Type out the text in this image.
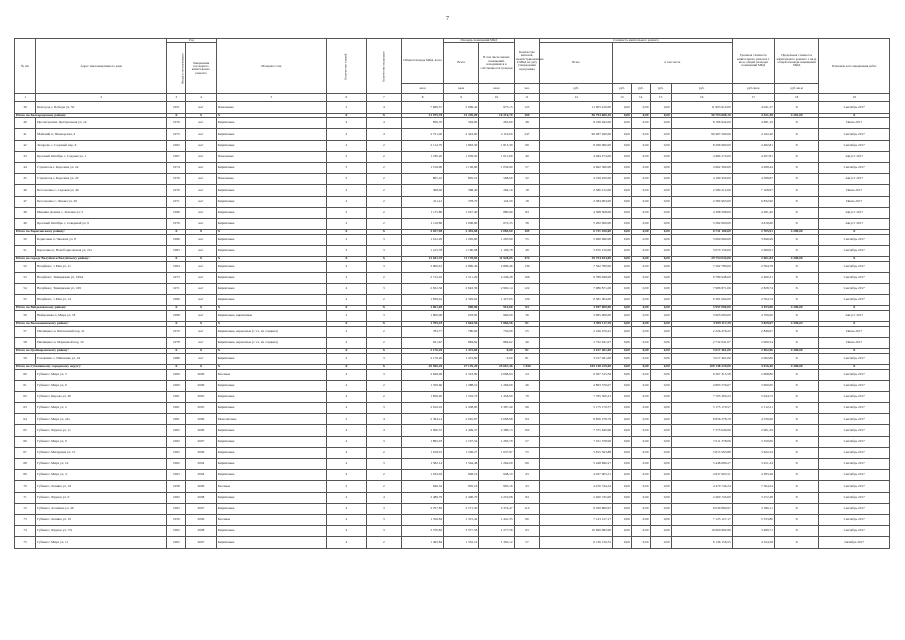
7
№ п/п	Адрес многоквартирного дома	Год		Материал стен	Количество этажей	Количество подъездов	Общая площадь МКД, всего	Площадь помещений МКД		Количество жителей, зарегистрированных в МКД на дату утверждения программы	Стоимость капитального ремонта					Удельная стоимость капитального ремонта 1 кв.м. общей площади помещений МКД	Предельная стоимость капитального ремонта 1 кв.м. общей площади помещений МКД	Плановая дата завершения работ
		Ввода в эксплуатацию	Завершения последнего капитального ремонта					Всего	В том числе жилых помещений, находящихся в собственности граждан		Всего	в том числе						
							кв.м	кв.м	кв.м	чел.	руб.	руб.	руб.	руб.	руб.	руб./кв.м	руб./кв.м	
1	2	3	4	5	6	7	8	9	10	11	12	13	14	15	16	17	18	19
39	Белгород г, Победы ул, 50	1951	нет	Панельные	5	4	7 669,57	5 096,42	975,15	125	11 905 910,00	0,00	0,00	0,00	11 905 910,00	4 041,27	Х	Сентябрь 2017
Итого по Белгородскому району:		Х	Х	Х	Х	Х	31 975,78	31 249,09	10 216,70	169	50 793 600,10	0,00	0,00	0,00	50 793 600,10	4 521,48	4 281,69	Х
40	Пролетарская, Центральная ул, 14	1976	нет	Кирпичные	4	4	856,70	564,00	265,00	48	8 196 942,00	0,00	0,00	0,00	8 196 942,00	4 681,10	Х	Июнь 2017
41	Майский п, Пионерская, 4	1975	нет	Кирпичные	2	4	2 751,00	2 443,00	2 119,00	247	90 487 290,00	0,00	0,00	0,00	90 487 290,00	4 162,40	Х	Сентябрь 2017
42	Захарово с, Садовый пер, 6	1962	нет	Кирпичные	2	2	2 114,70	1 863,30	1 813,30	99	8 296 990,00	0,00	0,00	0,00	8 296 990,00	4 482,81	Х	Сентябрь 2017
43	Красный Октябрь с, Садовая ул, 1	1967	нет	Панельные	5	2	1 180,20	1 059,50	1 011,60	40	4 484 274,00	0,00	0,00	0,00	4 484 274,00	4 207,81	Х	Август 2017
44	Строитель г, Королева ул, 24	1974	нет	Кирпичные	5	2	1 156,90	1 156,90	1 059,90	57	4 962 360,00	0,00	0,00	0,00	4 962 360,00	4 289,44	Х	Сентябрь 2017
45	Строитель г, Королева ул, 20	1976	нет	Панельные	5	2	805,10	805,10	598,00	32	4 199 450,00	0,00	0,00	0,00	4 199 450,00	4 508,87	Х	Август 2017
46	Бессоновка с, Садовая ул, 40	1976	нет	Кирпичные	2	2	368,40	368,40	294,10	18	2 580 212,00	0,00	0,00	0,00	2 580 212,00	7 108,97	Х	Июнь 2017
47	Бессоновка с, Чехова ул, 29	1971	нет	Кирпичные	2	2	411,41	378,70	124,50	18	2 384 903,00	0,00	0,00	0,00	2 384 903,00	6 832,90	Х	Июнь 2017
48	Нижняя Долина с, Зеленая ул, 5	1996	нет	Кирпичные	5	2	1 115,80	1 027,40	880,90	84	4 398 508,00	0,00	0,00	0,00	4 398 508,00	4 281,40	Х	Август 2017
49	Красный Октябрь с, Северный ул, 9	1976	нет	Кирпичные	2	2	1 116,80	1 006,90	672,35	38	5 282 000,00	0,00	0,00	0,00	5 282 000,00	4 810,60	Х	Август 2017
Итого по Борисовскому району:		Х	Х	Х	Х	Х	3 027,98	2 455,68	2 085,00	105	6 731 100,00	0,00	0,00	0,00	6 731 100,00	2 765,91	4 280,00	Х
50	Борисовка п, Чкалова ул, 8	1966	нет	Кирпичные	2	3	1 612,20	1 265,60	1 295,99	55	5 060 990,00	0,00	0,00	0,00	5 060 990,00	3 846,99	Х	Сентябрь 2017
51	Березовка п, Новоборисовская ул, 21а	1983	нет	Кирпичные	3	3	1 415,78	1 190,08	1 106,78	49	3 670 150,00	0,00	0,00	0,00	3 670 150,00	2 699,91	Х	Сентябрь 2017
Итого по городу Валуйки и Валуйскому району:		Х	Х	Х	Х	Х	12 041,70	11 178,83	11 928,05	474	29 754 034,00	0,00	0,00	0,00	29 754 034,00	2 661,84	4 280,00	Х
52	Валуйки г, 1 Мая ул, 11	1964	нет	Кирпичные	4	3	2 906,61	2 806,46	2 896,46	139	7 562 780,00	0,00	0,00	0,00	7 562 780,00	2 594,78	Х	Сентябрь 2017
53	Валуйки г, Тимирязева ул, 169А	1973	нет	Кирпичные	4	2	2 712,10	1 511,20	2 246,28	106	6 789 948,00	0,00	0,00	0,00	6 789 948,00	2 460,31	Х	Сентябрь 2017
54	Валуйки г, Тимирязева ул, 169	1971	нет	Кирпичные	4	3	2 652,36	2 822,36	2 992,14	122	7 986 871,00	0,00	0,00	0,00	7 986 871,00	2 828,74	Х	Сентябрь 2017
55	Валуйки г, 1 Мая ул, 14	1966	нет	Кирпичные	4	2	1 839,42	2 329,62	1 327,65	129	6 381 004,00	0,00	0,00	0,00	6 381 004,00	2 594,74	Х	Сентябрь 2017
Итого по Вейделевскому району:		Х	Х	Х	Х	Х	1 001,00	908,80	910,00	84	3 957 000,00	0,00	0,00	0,00	3 957 000,00	4 453,00	4 280,00	Х
56	Вейделевка п, Мира ул, 18	1998	нет	Кирпичные, кирпичные	3	3	1 009,00	918,00	960,00	36	3 965 000,00	0,00	0,00	0,00	3 965 000,00	4 700,00	Х	Август 2017
Итого по Волоконовскому району:		Х	Х	Х	Х	Х	1 705,43	1 664,56	1 866,56	81	4 959 117,29	0,00	0,00	0,00	4 959 117,29	3 829,67	4 396,04	Х
57	Пятницкое п, Шаховский пер, 21	1970	нет	Кирпичные, каркасные (с т.ч. из сэндвич)	2	2	783,77	780,00	750,00	25	2 226 476,22	0,00	0,00	0,00	2 226 476,22	2 849,97	Х	Июнь 2017
58	Пятницкое п, Маршевой пер, 19	1978	нет	Кирпичные, каркасные (с т.ч. из сэндвич)	2	2	921,67	884,62	884,62	40	2 732 641,07	0,00	0,00	0,00	2 732 641,07	2 960,54	Х	Июнь 2017
Итого по Грайворонскому району:		Х	Х	Х	Х	Х	2 176,20	1 472,60	0,00	81	3 017 461,00	0,00	0,00	0,00	3 017 461,00	2 062,66	4 280,00	Х
59	Головчино с, Шевченко ул, 24	1986	нет	Кирпичные	2	3	2 176,20	1 472,60	0,00	81	3 017 461,00	0,00	0,00	0,00	3 017 461,00	2 062,66	Х	Сентябрь 2017
Итого по Губкинскому городскому округу:		Х	Х	Х	Х	Х	29 500,20	27 176,20	25 667,46	1 056	109 148 229,00	0,00	0,00	0,00	109 148 229,00	4 016,46	4 280,00	Х
60	Губкин г, Мира ул, 5	1960	2006	Блочные	4	3	2 649,96	2 323,90	2 098,94	24	6 367 315,58	0,00	0,00	0,00	6 367 315,58	2 698,80	Х	Сентябрь 2017
61	Губкин г, Мира ул, 6	1960	2006	Кирпичные	4	2	1 356,60	1 288,10	1 266,00	46	4 893 576,07	0,00	0,00	0,00	4 893 576,07	3 600,00	Х	Сентябрь 2017
62	Губкин г, Кирова ул, 36	1961	2005	Кирпичные	4	2	1 856,40	1 516,70	1 456,00	76	7 765 300,23	0,00	0,00	0,00	7 765 300,23	5 044,72	Х	Сентябрь 2017
63	Губкин г, Мира ул, 2	1961	2005	Кирпичные	4	3	2 619,10	2 438,00	2 387,40	68	5 175 170,57	0,00	0,00	0,00	5 175 170,57	2 112,21	Х	Сентябрь 2017
64	Губкин г, Мира ул, 22а	1961	2009	Монолитные	5	4	2 394,14	2 045,87	2 008,98	94	8 856 278,79	0,00	0,00	0,00	8 856 278,79	4 330,60	Х	Сентябрь 2017
65	Губкин г, Фрунзе ул, 11	1962	2009	Кирпичные	4	4	2 000,37	2 409,37	2 386,13	102	7 375 640,90	0,00	0,00	0,00	7 375 640,90	2 961,29	Х	Сентябрь 2017
66	Губкин г, Мира ул, 9	1962	2007	Кирпичные	4	3	1 865,03	1 747,54	1 265,79	57	7 011 378,06	0,00	0,00	0,00	7 011 378,06	3 350,06	Х	Сентябрь 2017
67	Губкин г, Мичурина ул, 15	1962	2006	Кирпичные	4	2	1 618,01	1 506,27	1 637,97	55	5 815 563,88	0,00	0,00	0,00	5 815 563,88	3 622,24	Х	Сентябрь 2017
68	Губкин г, Мира ул, 14	1962	2004	Кирпичные	4	3	1 582,14	1 564,48	1 264,00	69	5 448 690,27	0,00	0,00	0,00	5 448 690,27	3 451,24	Х	Сентябрь 2017
69	Губкин г, Мира ул, 4	1963	2004	Кирпичные	4	2	1 034,04	948,10	948,10	43	4 937 905,51	0,00	0,00	0,00	4 937 905,51	4 383,46	Х	Сентябрь 2017
70	Губкин г, Ленина ул, 16	1958	2006	Блочные	5	2	946,32	905,16	905,16	43	4 470 744,24	0,00	0,00	0,00	4 470 744,24	7 564,24	Х	Сентябрь 2017
71	Губкин г, Фрунзе ул, 9	1962	2008	Кирпичные	4	4	2 486,76	2 406,70	2 219,08	84	2 400 745,00	0,00	0,00	0,00	2 400 745,00	3 272,48	Х	Сентябрь 2017
72	Губкин г, Агошина ул, 46	1963	2007	Кирпичные	4	3	2 707,85	2 571,30	2 374,47	114	9 039 860,97	0,00	0,00	0,00	9 039 860,97	3 396,11	Х	Сентябрь 2017
73	Губкин г, Ленина ул, 10	1959	2006	Блочные	4	3	1 356,82	1 315,42	1 441,35	60	7 123 127,17	0,00	0,00	0,00	7 123 127,17	5 333,80	Х	Сентябрь 2017
74	Губкин г, Фрунзе ул, 7/9	1962	2008	Кирпичные	4	3	3 376,82	3 377,56	1 277,56	93	10 660 982,96	0,00	0,00	0,00	10 660 982,96	3 489,71	Х	Сентябрь 2017
75	Губкин г, Мира ул, 11	1962	2007	Кирпичные	4	2	1 495,84	1 352,12	1 302,12	57	6 136 156,55	0,00	0,00	0,00	6 136 156,55	4 324,58	Х	Октябрь 2017
